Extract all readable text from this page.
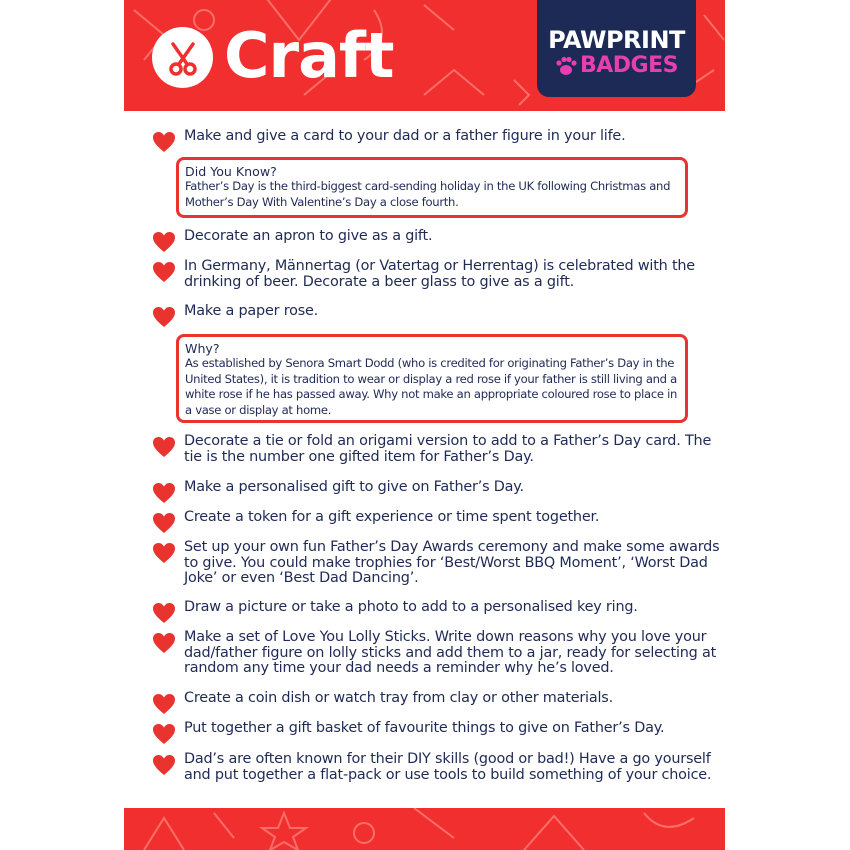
Craft	PAWPRINT
BADGES
Make and give a card to your dad or a father figure in your life.
Did You Know?
Father’s Day is the third-biggest card-sending holiday in the UK following Christmas and Mother’s Day With Valentine’s Day a close fourth.
Decorate an apron to give as a gift.
In Germany, Männertag (or Vatertag or Herrentag) is celebrated with the drinking of beer. Decorate a beer glass to give as a gift.
Make a paper rose.
Why?
As established by Senora Smart Dodd (who is credited for originating Father’s Day in the United States), it is tradition to wear or display a red rose if your father is still living and a white rose if he has passed away. Why not make an appropriate coloured rose to place in a vase or display at home.
Decorate a tie or fold an origami version to add to a Father’s Day card. The tie is the number one gifted item for Father’s Day.
Make a personalised gift to give on Father’s Day.
Create a token for a gift experience or time spent together.
Set up your own fun Father’s Day Awards ceremony and make some awards to give. You could make trophies for ‘Best/Worst BBQ Moment’, ‘Worst Dad Joke’ or even ‘Best Dad Dancing’.
Draw a picture or take a photo to add to a personalised key ring.
Make a set of Love You Lolly Sticks. Write down reasons why you love your dad/father figure on lolly sticks and add them to a jar, ready for selecting at random any time your dad needs a reminder why he’s loved.
Create a coin dish or watch tray from clay or other materials.
Put together a gift basket of favourite things to give on Father’s Day.
Dad’s are often known for their DIY skills (good or bad!) Have a go yourself and put together a flat-pack or use tools to build something of your choice.
